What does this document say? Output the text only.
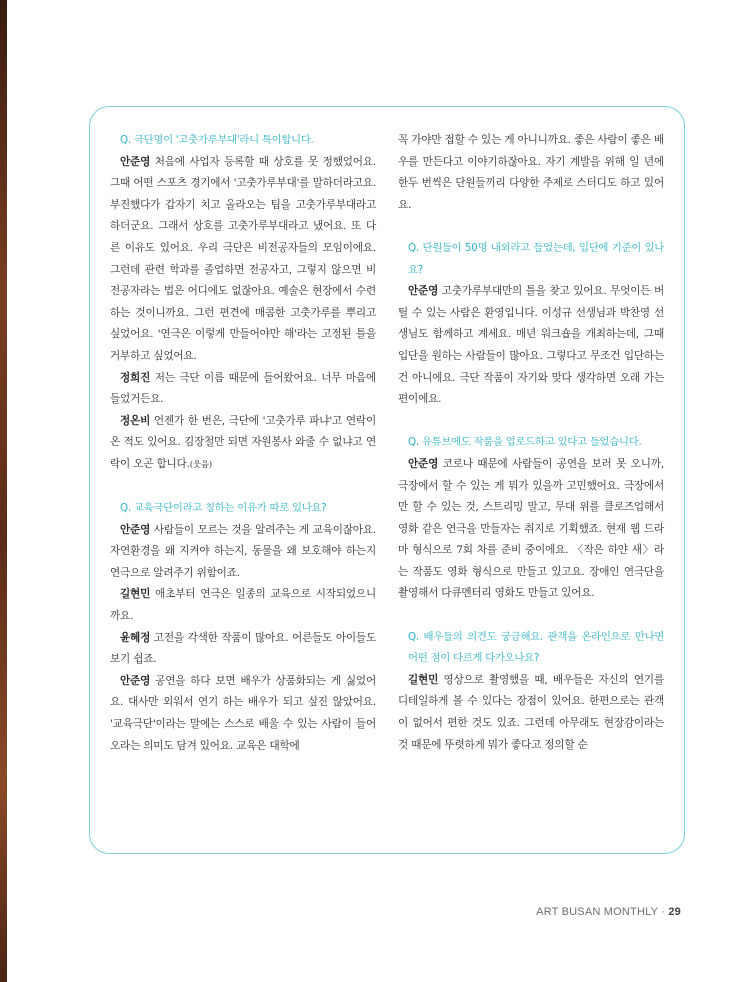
Q. 극단명이 '고춧가루부대'라니 특이합니다.

안준영 처음에 사업자 등록할 때 상호를 못 정했었어요. 그때 어떤 스포츠 경기에서 '고춧가루부대'를 말하더라고요. 부진했다가 갑자기 치고 올라오는 팀을 고춧가루부대라고 하더군요. 그래서 상호를 고춧가루부대라고 냈어요. 또 다른 이유도 있어요. 우리 극단은 비전공자들의 모임이에요. 그런데 관련 학과를 졸업하면 전공자고, 그렇지 않으면 비전공자라는 법은 어디에도 없잖아요. 예술은 현장에서 수련하는 것이니까요. 그런 편견에 매콤한 고춧가루를 뿌리고 싶었어요. '연극은 이렇게 만들어야만 해'라는 고정된 틀을 거부하고 싶었어요.

정희진 저는 극단 이름 때문에 들어왔어요. 너무 마음에 들었거든요.

정온비 언젠가 한 번은, 극단에 '고춧가루 파냐'고 연락이 온 적도 있어요. 김장철만 되면 자원봉사 와줄 수 없냐고 연락이 오곤 합니다.(웃음)

Q. 교육극단이라고 칭하는 이유가 따로 있나요?

안준영 사람들이 모르는 것을 알려주는 게 교육이잖아요. 자연환경을 왜 지켜야 하는지, 동물을 왜 보호해야 하는지 연극으로 알려주기 위함이죠.

길현민 애초부터 연극은 일종의 교육으로 시작되었으니까요.

윤혜정 고전을 각색한 작품이 많아요. 어른들도 아이들도 보기 쉽죠.

안준영 공연을 하다 보면 배우가 상품화되는 게 싫었어요. 대사만 외워서 연기 하는 배우가 되고 싶진 않았어요. '교육극단'이라는 말에는 스스로 배울 수 있는 사람이 들어오라는 의미도 담겨 있어요. 교육은 대학에

꼭 가야만 접할 수 있는 게 아니니까요. 좋은 사람이 좋은 배우를 만든다고 이야기하잖아요. 자기 계발을 위해 일 년에 한두 번씩은 단원들끼리 다양한 주제로 스터디도 하고 있어요.

Q. 단원들이 50명 내외라고 들었는데, 입단에 기준이 있나요?

안준영 고춧가루부대만의 틀을 찾고 있어요. 무엇이든 버틸 수 있는 사람은 환영입니다. 이성규 선생님과 박찬영 선생님도 함께하고 계세요. 매년 워크숍을 개최하는데, 그때 입단을 원하는 사람들이 많아요. 그렇다고 무조건 입단하는 건 아니에요. 극단 작품이 자기와 맞다 생각하면 오래 가는 편이에요.

Q. 유튜브에도 작품을 업로드하고 있다고 들었습니다.

안준영 코로나 때문에 사람들이 공연을 보러 못 오니까, 극장에서 할 수 있는 게 뭐가 있을까 고민했어요. 극장에서만 할 수 있는 것, 스트리밍 말고, 무대 위를 클로즈업해서 영화 같은 연극을 만들자는 취지로 기획했죠. 현재 웹 드라마 형식으로 7회 차를 준비 중이에요. 〈작은 하얀 새〉라는 작품도 영화 형식으로 만들고 있고요. 장애인 연극단을 촬영해서 다큐멘터리 영화도 만들고 있어요.

Q. 배우들의 의견도 궁금해요. 관객을 온라인으로 만나면 어떤 점이 다르게 다가오나요?

길현민 영상으로 촬영했을 때, 배우들은 자신의 연기를 디테일하게 볼 수 있다는 장점이 있어요. 한편으로는 관객이 없어서 편한 것도 있죠. 그런데 아무래도 현장감이라는 것 때문에 뚜렷하게 뭐가 좋다고 정의할 순

ART BUSAN MONTHLY · 29
